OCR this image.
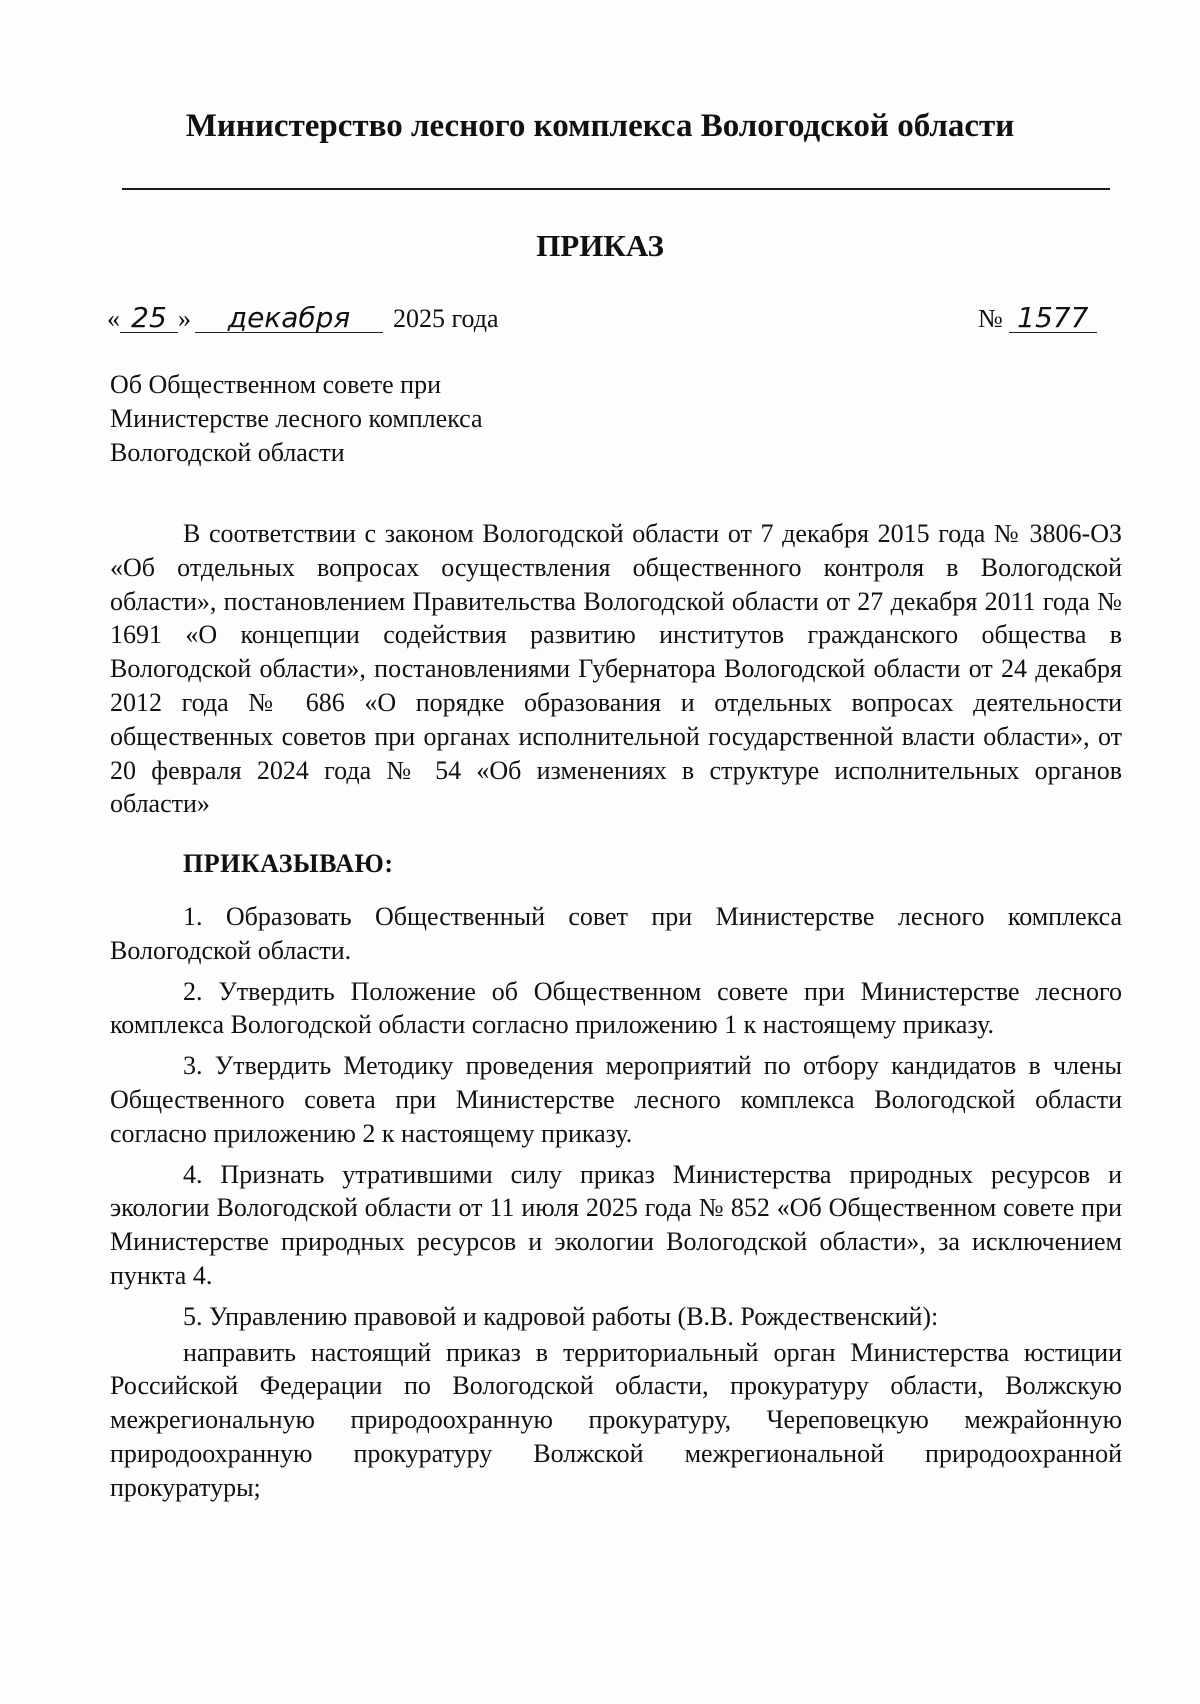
Министерство лесного комплекса Вологодской области
ПРИКАЗ
« 25 » декабря 2025 года	№ 1577
Об Общественном совете при
Министерстве лесного комплекса
Вологодской области

В соответствии с законом Вологодской области от 7 декабря 2015 года № 3806-ОЗ «Об отдельных вопросах осуществления общественного контроля в Вологодской области», постановлением Правительства Вологодской области от 27 декабря 2011 года № 1691 «О концепции содействия развитию институтов гражданского общества в Вологодской области», постановлениями Губернатора Вологодской области от 24 декабря 2012 года № 686 «О порядке образования и отдельных вопросах деятельности общественных советов при органах исполнительной государственной власти области», от 20 февраля 2024 года № 54 «Об изменениях в структуре исполнительных органов области»

ПРИКАЗЫВАЮ:

1. Образовать Общественный совет при Министерстве лесного комплекса Вологодской области.

2. Утвердить Положение об Общественном совете при Министерстве лесного комплекса Вологодской области согласно приложению 1 к настоящему приказу.

3. Утвердить Методику проведения мероприятий по отбору кандидатов в члены Общественного совета при Министерстве лесного комплекса Вологодской области согласно приложению 2 к настоящему приказу.

4. Признать утратившими силу приказ Министерства природных ресурсов и экологии Вологодской области от 11 июля 2025 года № 852 «Об Общественном совете при Министерстве природных ресурсов и экологии Вологодской области», за исключением пункта 4.

5. Управлению правовой и кадровой работы (В.В. Рождественский):

направить настоящий приказ в территориальный орган Министерства юстиции Российской Федерации по Вологодской области, прокуратуру области, Волжскую межрегиональную природоохранную прокуратуру, Череповецкую межрайонную природоохранную прокуратуру Волжской межрегиональной природоохранной прокуратуры;
